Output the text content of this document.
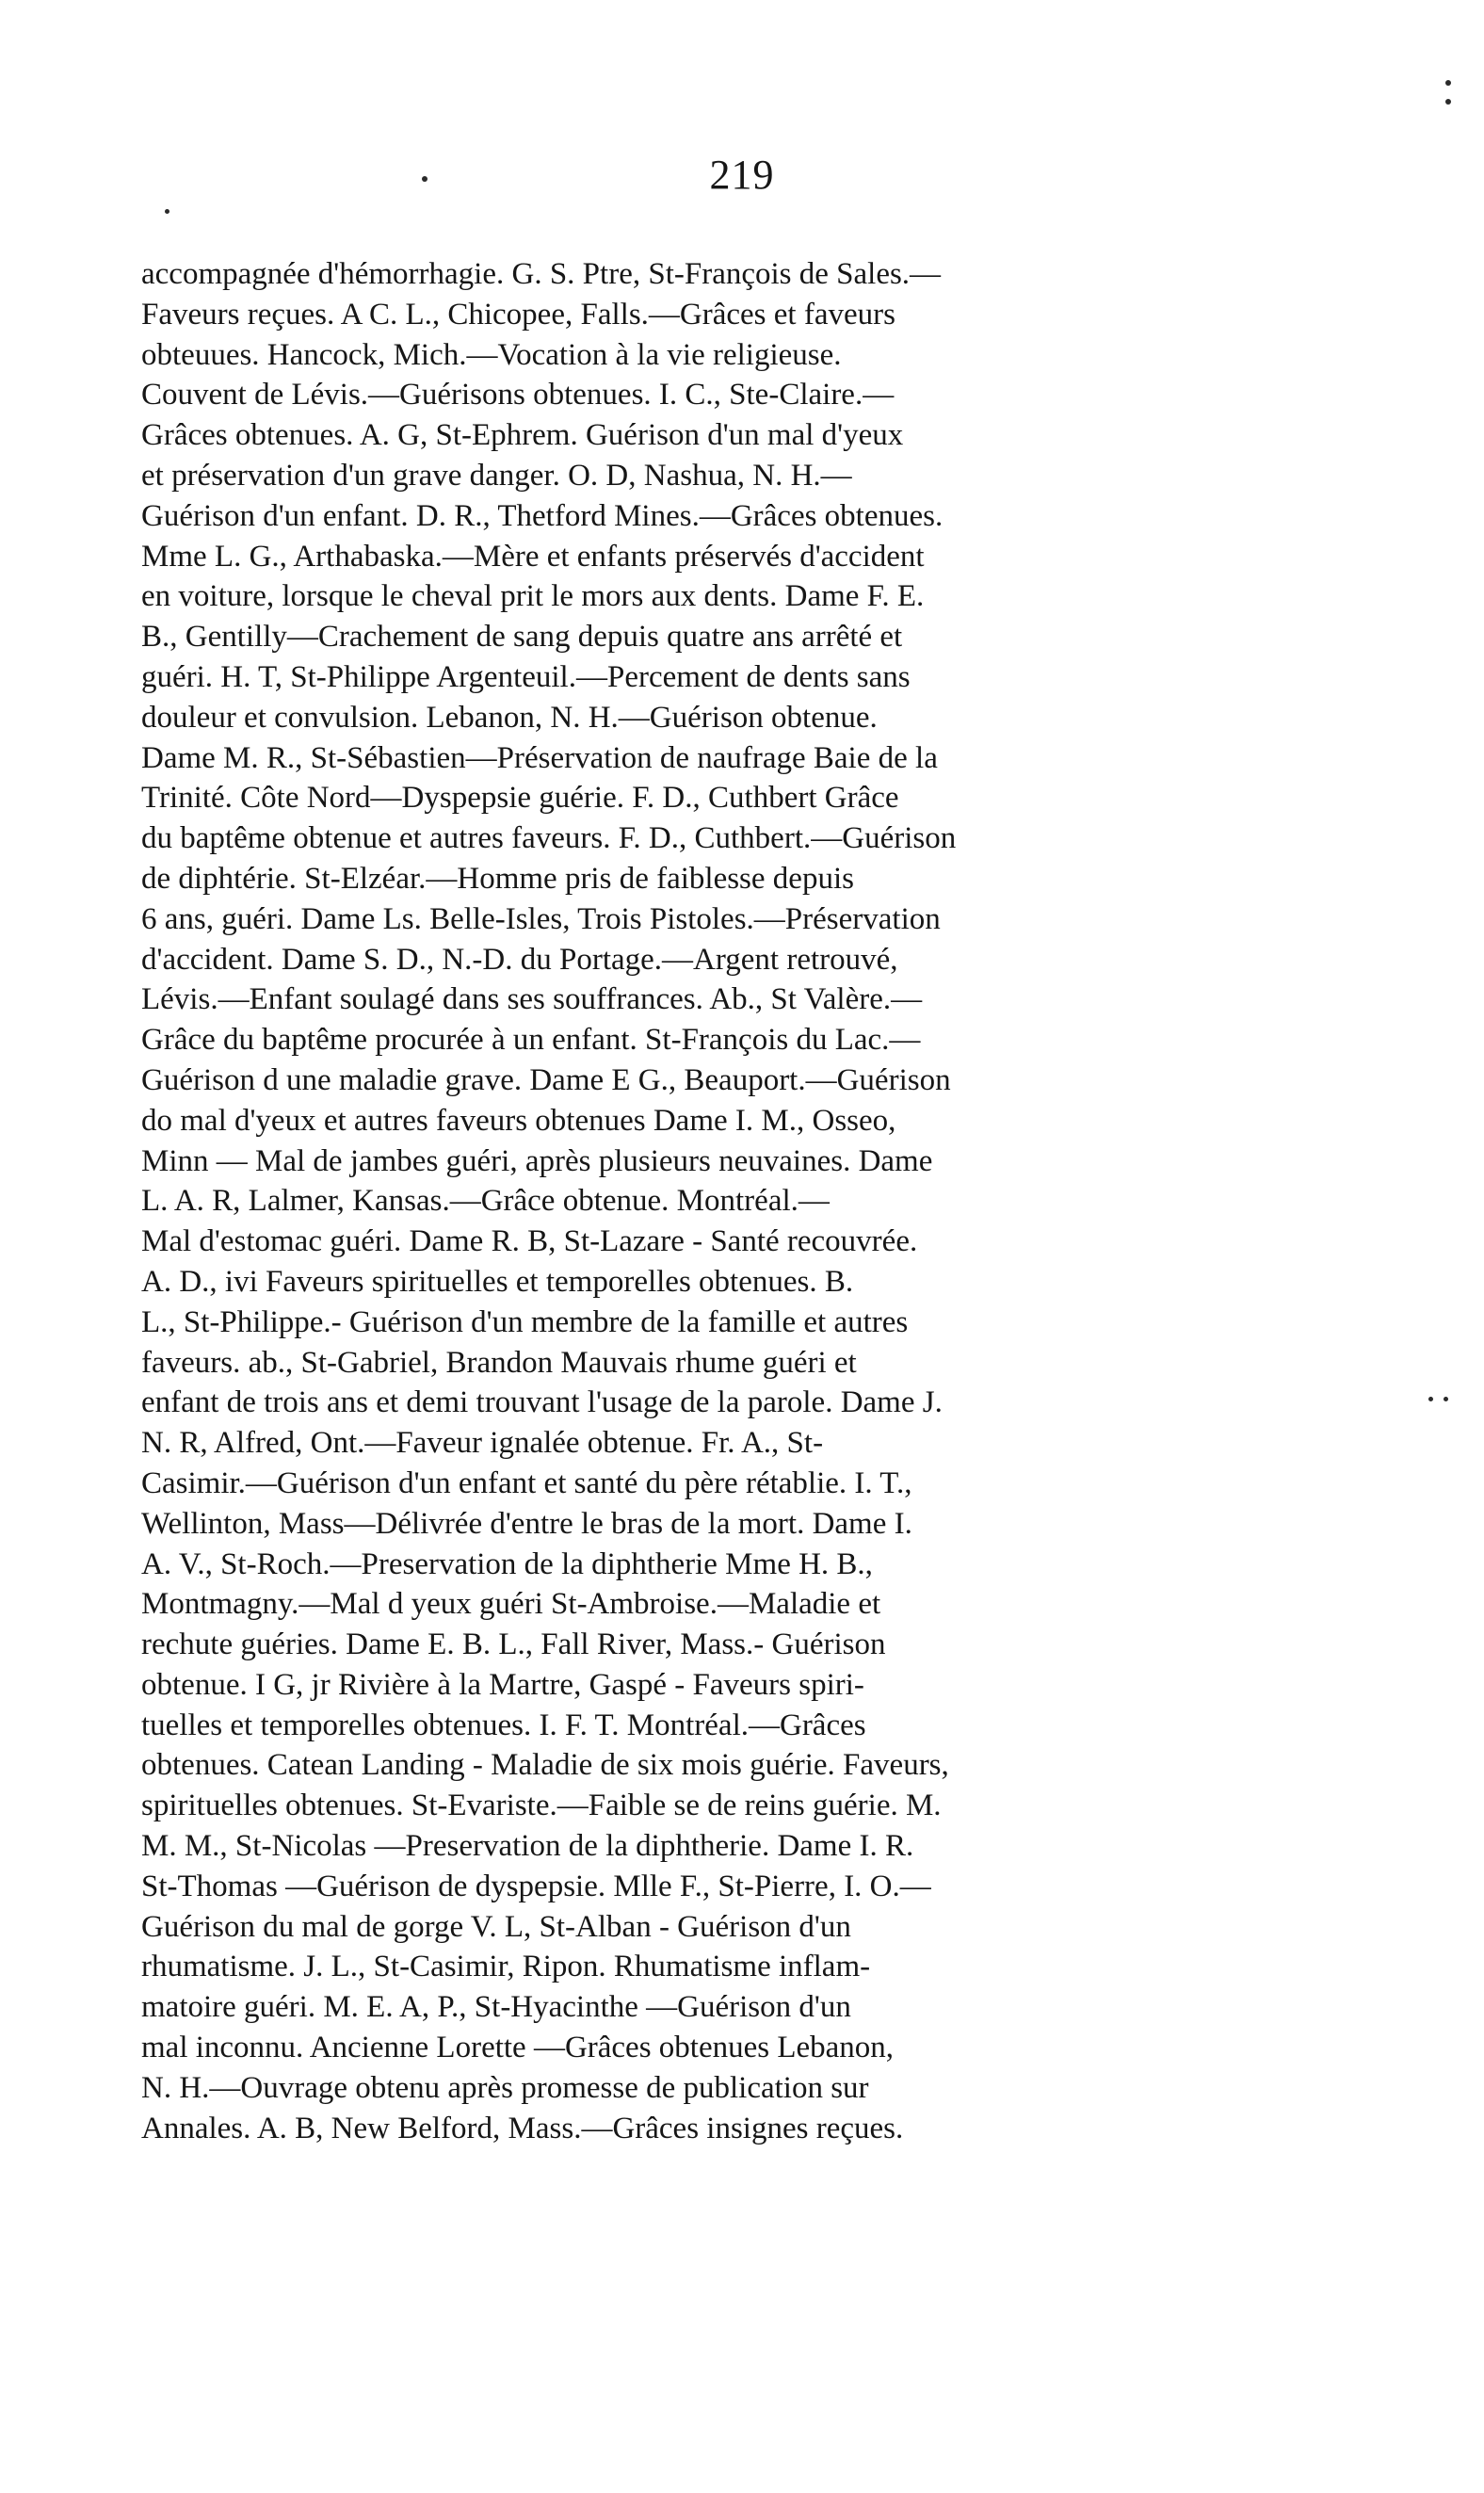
219
accompagnée d'hémorrhagie. G. S. Ptre, St-François de Sales.—
Faveurs reçues. A C. L., Chicopee, Falls.—Grâces et faveurs
obteuues. Hancock, Mich.—Vocation à la vie religieuse.
Couvent de Lévis.—Guérisons obtenues. I. C., Ste-Claire.—
Grâces obtenues. A. G, St-Ephrem. Guérison d'un mal d'yeux
et préservation d'un grave danger. O. D, Nashua, N. H.—
Guérison d'un enfant. D. R., Thetford Mines.—Grâces obtenues.
Mme L. G., Arthabaska.—Mère et enfants préservés d'accident
en voiture, lorsque le cheval prit le mors aux dents. Dame F. E.
B., Gentilly—Crachement de sang depuis quatre ans arrêté et
guéri. H. T, St-Philippe Argenteuil.—Percement de dents sans
douleur et convulsion. Lebanon, N. H.—Guérison obtenue.
Dame M. R., St-Sébastien—Préservation de naufrage Baie de la
Trinité. Côte Nord—Dyspepsie guérie. F. D., Cuthbert Grâce
du baptême obtenue et autres faveurs. F. D., Cuthbert.—Guérison
de diphtérie. St-Elzéar.—Homme pris de faiblesse depuis
6 ans, guéri. Dame Ls. Belle-Isles, Trois Pistoles.—Préservation
d'accident. Dame S. D., N.-D. du Portage.—Argent retrouvé,
Lévis.—Enfant soulagé dans ses souffrances. Ab., St Valère.—
Grâce du baptême procurée à un enfant. St-François du Lac.—
Guérison d une maladie grave. Dame E G., Beauport.—Guérison
do mal d'yeux et autres faveurs obtenues Dame I. M., Osseo,
Minn — Mal de jambes guéri, après plusieurs neuvaines. Dame
L. A. R, Lalmer, Kansas.—Grâce obtenue. Montréal.—
Mal d'estomac guéri. Dame R. B, St-Lazare - Santé recouvrée.
A. D., ivi Faveurs spirituelles et temporelles obtenues. B.
L., St-Philippe.- Guérison d'un membre de la famille et autres
faveurs. ab., St-Gabriel, Brandon Mauvais rhume guéri et
enfant de trois ans et demi trouvant l'usage de la parole. Dame J.
N. R, Alfred, Ont.—Faveur ignalée obtenue. Fr. A., St-
Casimir.—Guérison d'un enfant et santé du père rétablie. I. T.,
Wellinton, Mass—Délivrée d'entre le bras de la mort. Dame I.
A. V., St-Roch.—Preservation de la diphtherie Mme H. B.,
Montmagny.—Mal d yeux guéri St-Ambroise.—Maladie et
rechute guéries. Dame E. B. L., Fall River, Mass.- Guérison
obtenue. I G, jr Rivière à la Martre, Gaspé - Faveurs spiri-
tuelles et temporelles obtenues. I. F. T. Montréal.—Grâces
obtenues. Catean Landing - Maladie de six mois guérie. Faveurs,
spirituelles obtenues. St-Evariste.—Faible se de reins guérie. M.
M. M., St-Nicolas —Preservation de la diphtherie. Dame I. R.
St-Thomas —Guérison de dyspepsie. Mlle F., St-Pierre, I. O.—
Guérison du mal de gorge V. L, St-Alban - Guérison d'un
rhumatisme. J. L., St-Casimir, Ripon. Rhumatisme inflam-
matoire guéri. M. E. A, P., St-Hyacinthe —Guérison d'un
mal inconnu. Ancienne Lorette —Grâces obtenues Lebanon,
N. H.—Ouvrage obtenu après promesse de publication sur
Annales. A. B, New Belford, Mass.—Grâces insignes reçues.
